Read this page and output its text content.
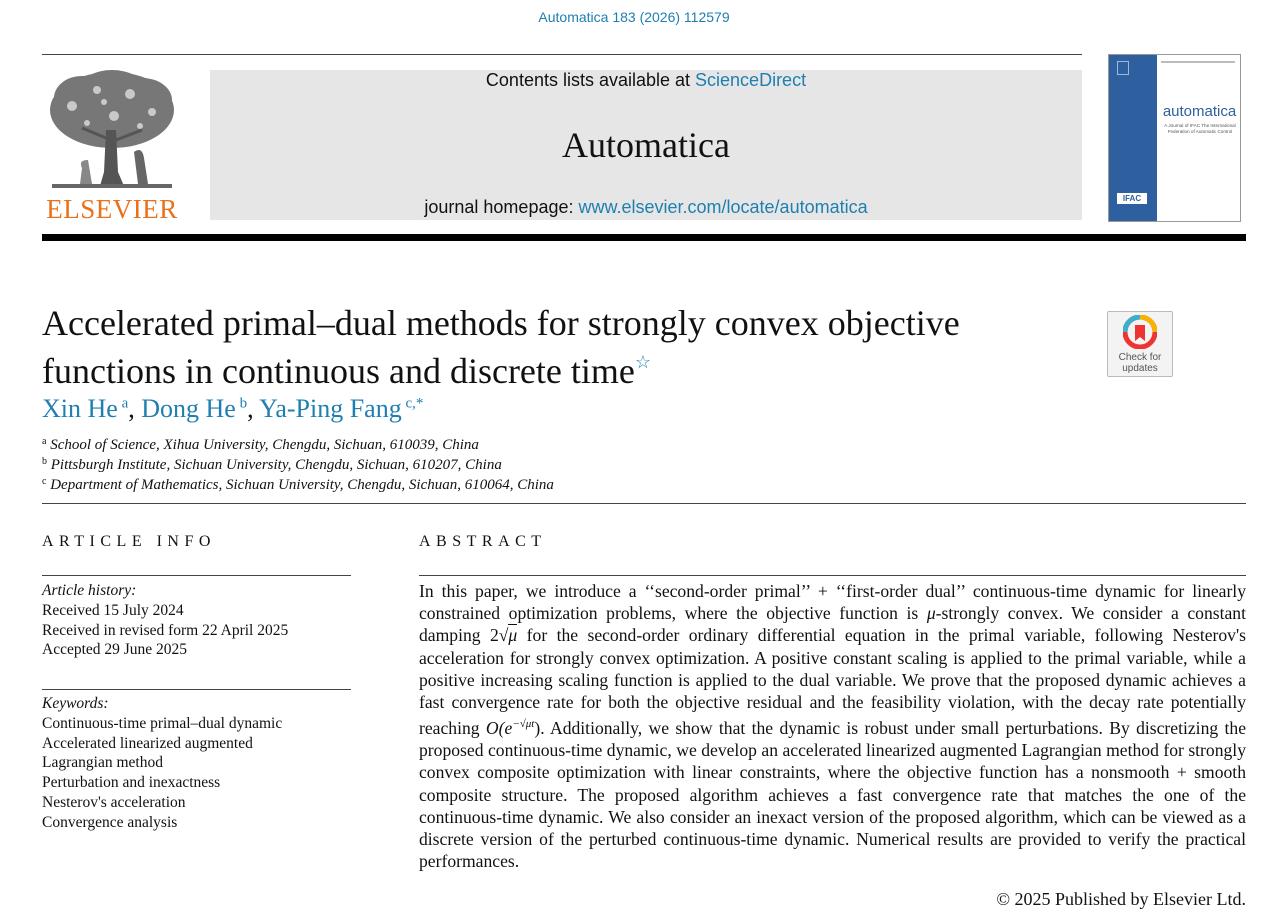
Automatica 183 (2026) 112579
ELSEVIER
Contents lists available at ScienceDirect
Automatica
journal homepage: www.elsevier.com/locate/automatica
automatica
A Journal of IFAC The International Federation of Automatic Control
IFAC
Accelerated primal–dual methods for strongly convex objective
functions in continuous and discrete time☆	Check for
updates
Xin He $^a$, Dong He $^b$, Ya-Ping Fang $^{c,*}$
$^a$ School of Science, Xihua University, Chengdu, Sichuan, 610039, China
$^b$ Pittsburgh Institute, Sichuan University, Chengdu, Sichuan, 610207, China
$^c$ Department of Mathematics, Sichuan University, Chengdu, Sichuan, 610064, China
ARTICLE INFO
Article history:
Received 15 July 2024
Received in revised form 22 April 2025
Accepted 29 June 2025
Keywords:
Continuous-time primal–dual dynamic
Accelerated linearized augmented
Lagrangian method
Perturbation and inexactness
Nesterov's acceleration
Convergence analysis
ABSTRACT
In this paper, we introduce a ‘‘second-order primal’’ + ‘‘first-order dual’’ continuous-time dynamic for linearly constrained optimization problems, where the objective function is μ-strongly convex. We consider a constant damping 2√μ for the second-order ordinary differential equation in the primal variable, following Nesterov's acceleration for strongly convex optimization. A positive constant scaling is applied to the primal variable, while a positive increasing scaling function is applied to the dual variable. We prove that the proposed dynamic achieves a fast convergence rate for both the objective residual and the feasibility violation, with the decay rate potentially reaching $O(e^{-√\mu t})$. Additionally, we show that the dynamic is robust under small perturbations. By discretizing the proposed continuous-time dynamic, we develop an accelerated linearized augmented Lagrangian method for strongly convex composite optimization with linear constraints, where the objective function has a nonsmooth + smooth composite structure. The proposed algorithm achieves a fast convergence rate that matches the one of the continuous-time dynamic. We also consider an inexact version of the proposed algorithm, which can be viewed as a discrete version of the perturbed continuous-time dynamic. Numerical results are provided to verify the practical performances.
© 2025 Published by Elsevier Ltd.
